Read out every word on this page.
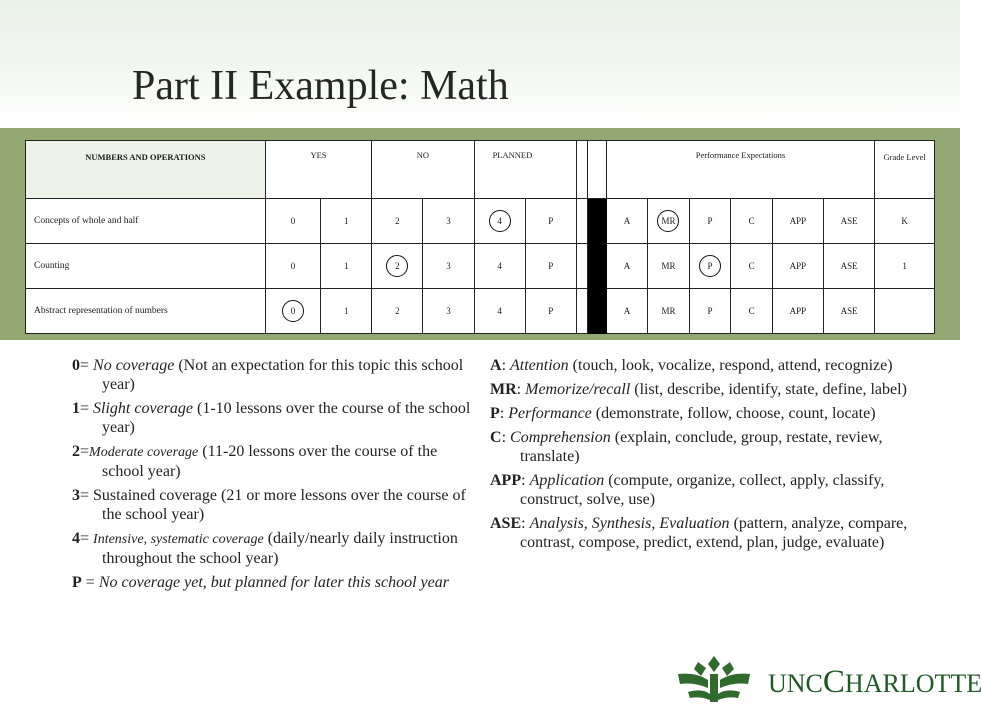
Part II Example: Math
NUMBERS AND OPERATIONS	YES		NO		PLANNED				Performance Expectations						Grade Level
Concepts of whole and half	0	1	2	3	4	P			A	MR	P	C	APP	ASE	K
Counting	0	1	2	3	4	P			A	MR	P	C	APP	ASE	1
Abstract representation of numbers	0	1	2	3	4	P			A	MR	P	C	APP	ASE	
0= No coverage (Not an expectation for this topic this school year)
1= Slight coverage (1-10 lessons over the course of the school year)
2=Moderate coverage (11-20 lessons over the course of the school year)
3= Sustained coverage (21 or more lessons over the course of the school year)
4= Intensive, systematic coverage (daily/nearly daily instruction throughout the school year)
P = No coverage yet, but planned for later this school year
A: Attention (touch, look, vocalize, respond, attend, recognize)
MR: Memorize/recall (list, describe, identify, state, define, label)
P: Performance (demonstrate, follow, choose, count, locate)
C: Comprehension (explain, conclude, group, restate, review, translate)
APP: Application (compute, organize, collect, apply, classify, construct, solve, use)
ASE: Analysis, Synthesis, Evaluation (pattern, analyze, compare, contrast, compose, predict, extend, plan, judge, evaluate)
UNCCHARLOTTE
